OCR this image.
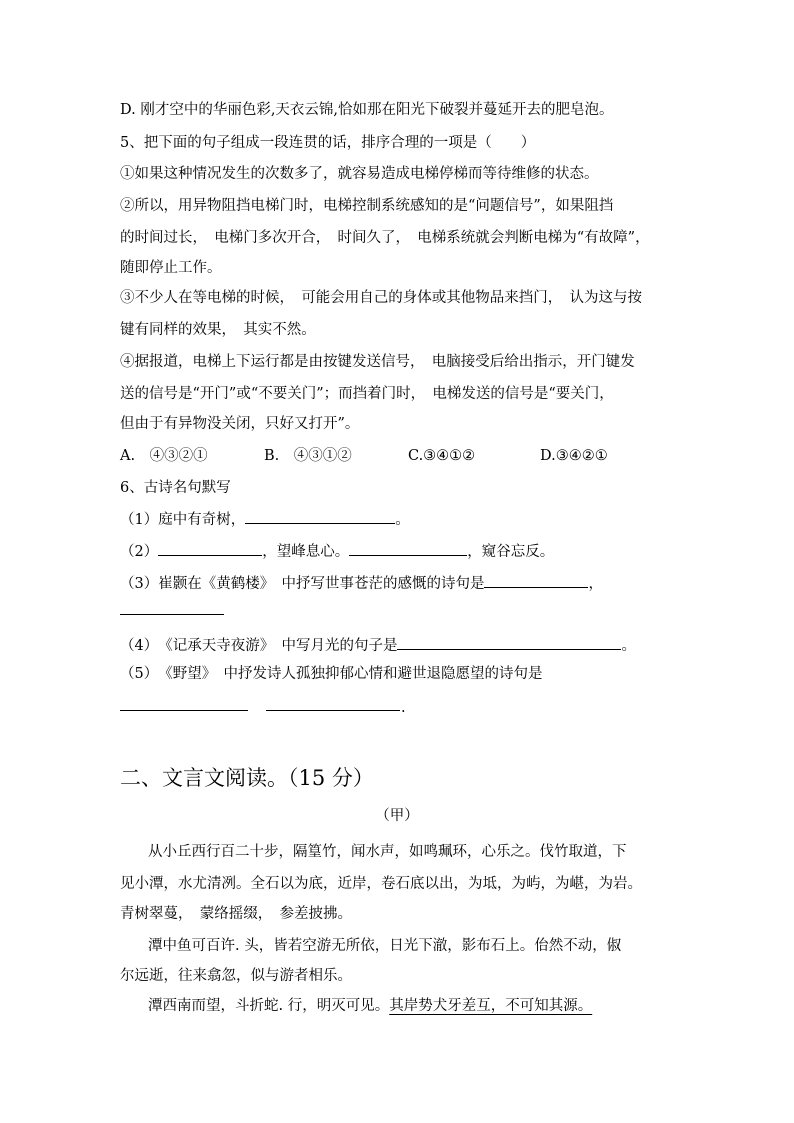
D. 刚才空中的华丽色彩,天衣云锦,恰如那在阳光下破裂并蔓延开去的肥皂泡。
5、把下面的句子组成一段连贯的话，排序合理的一项是（　　）
①如果这种情况发生的次数多了，就容易造成电梯停梯而等待维修的状态。
②所以，用异物阻挡电梯门时，电梯控制系统感知的是“问题信号”，如果阻挡
的时间过长，　电梯门多次开合，　时间久了，　电梯系统就会判断电梯为“有故障”，
随即停止工作。
③不少人在等电梯的时候，　可能会用自己的身体或其他物品来挡门，　认为这与按
键有同样的效果，　其实不然。
④据报道，电梯上下运行都是由按键发送信号，　电脑接受后给出指示，开门键发
送的信号是“开门”或“不要关门”；而挡着门时，　电梯发送的信号是“要关门，
但由于有异物没关闭，只好又打开”。
A.　④③②①	B.　④③①②	C.③④①②	D.③④②①
6、古诗名句默写
（1）庭中有奇树，	。
（2）	，望峰息心。	，窥谷忘反。
（3）崔颢在《黄鹤楼》　中抒写世事苍茫的感慨的诗句是	，
（4）　《记承天寺夜游》　中写月光的句子是	。
（5）　《野望》　中抒发诗人孤独抑郁心情和避世退隐愿望的诗句是
.
二、文言文阅读。（15 分）
（甲）
从小丘西行百二十步，隔篁竹，闻水声，如鸣珮环，心乐之。伐竹取道，下
见小潭，水尤清冽。全石以为底，近岸，卷石底以出，为坻，为屿，为嵁，为岩。
青树翠蔓，　蒙络摇缀，　参差披拂。
潭中鱼可百许. 头，皆若空游无所依，日光下澈，影布石上。佁然不动，俶
尔远逝，往来翕忽，似与游者相乐。
潭西南而望，斗折蛇. 行，明灭可见。其岸势犬牙差互，不可知其源。
